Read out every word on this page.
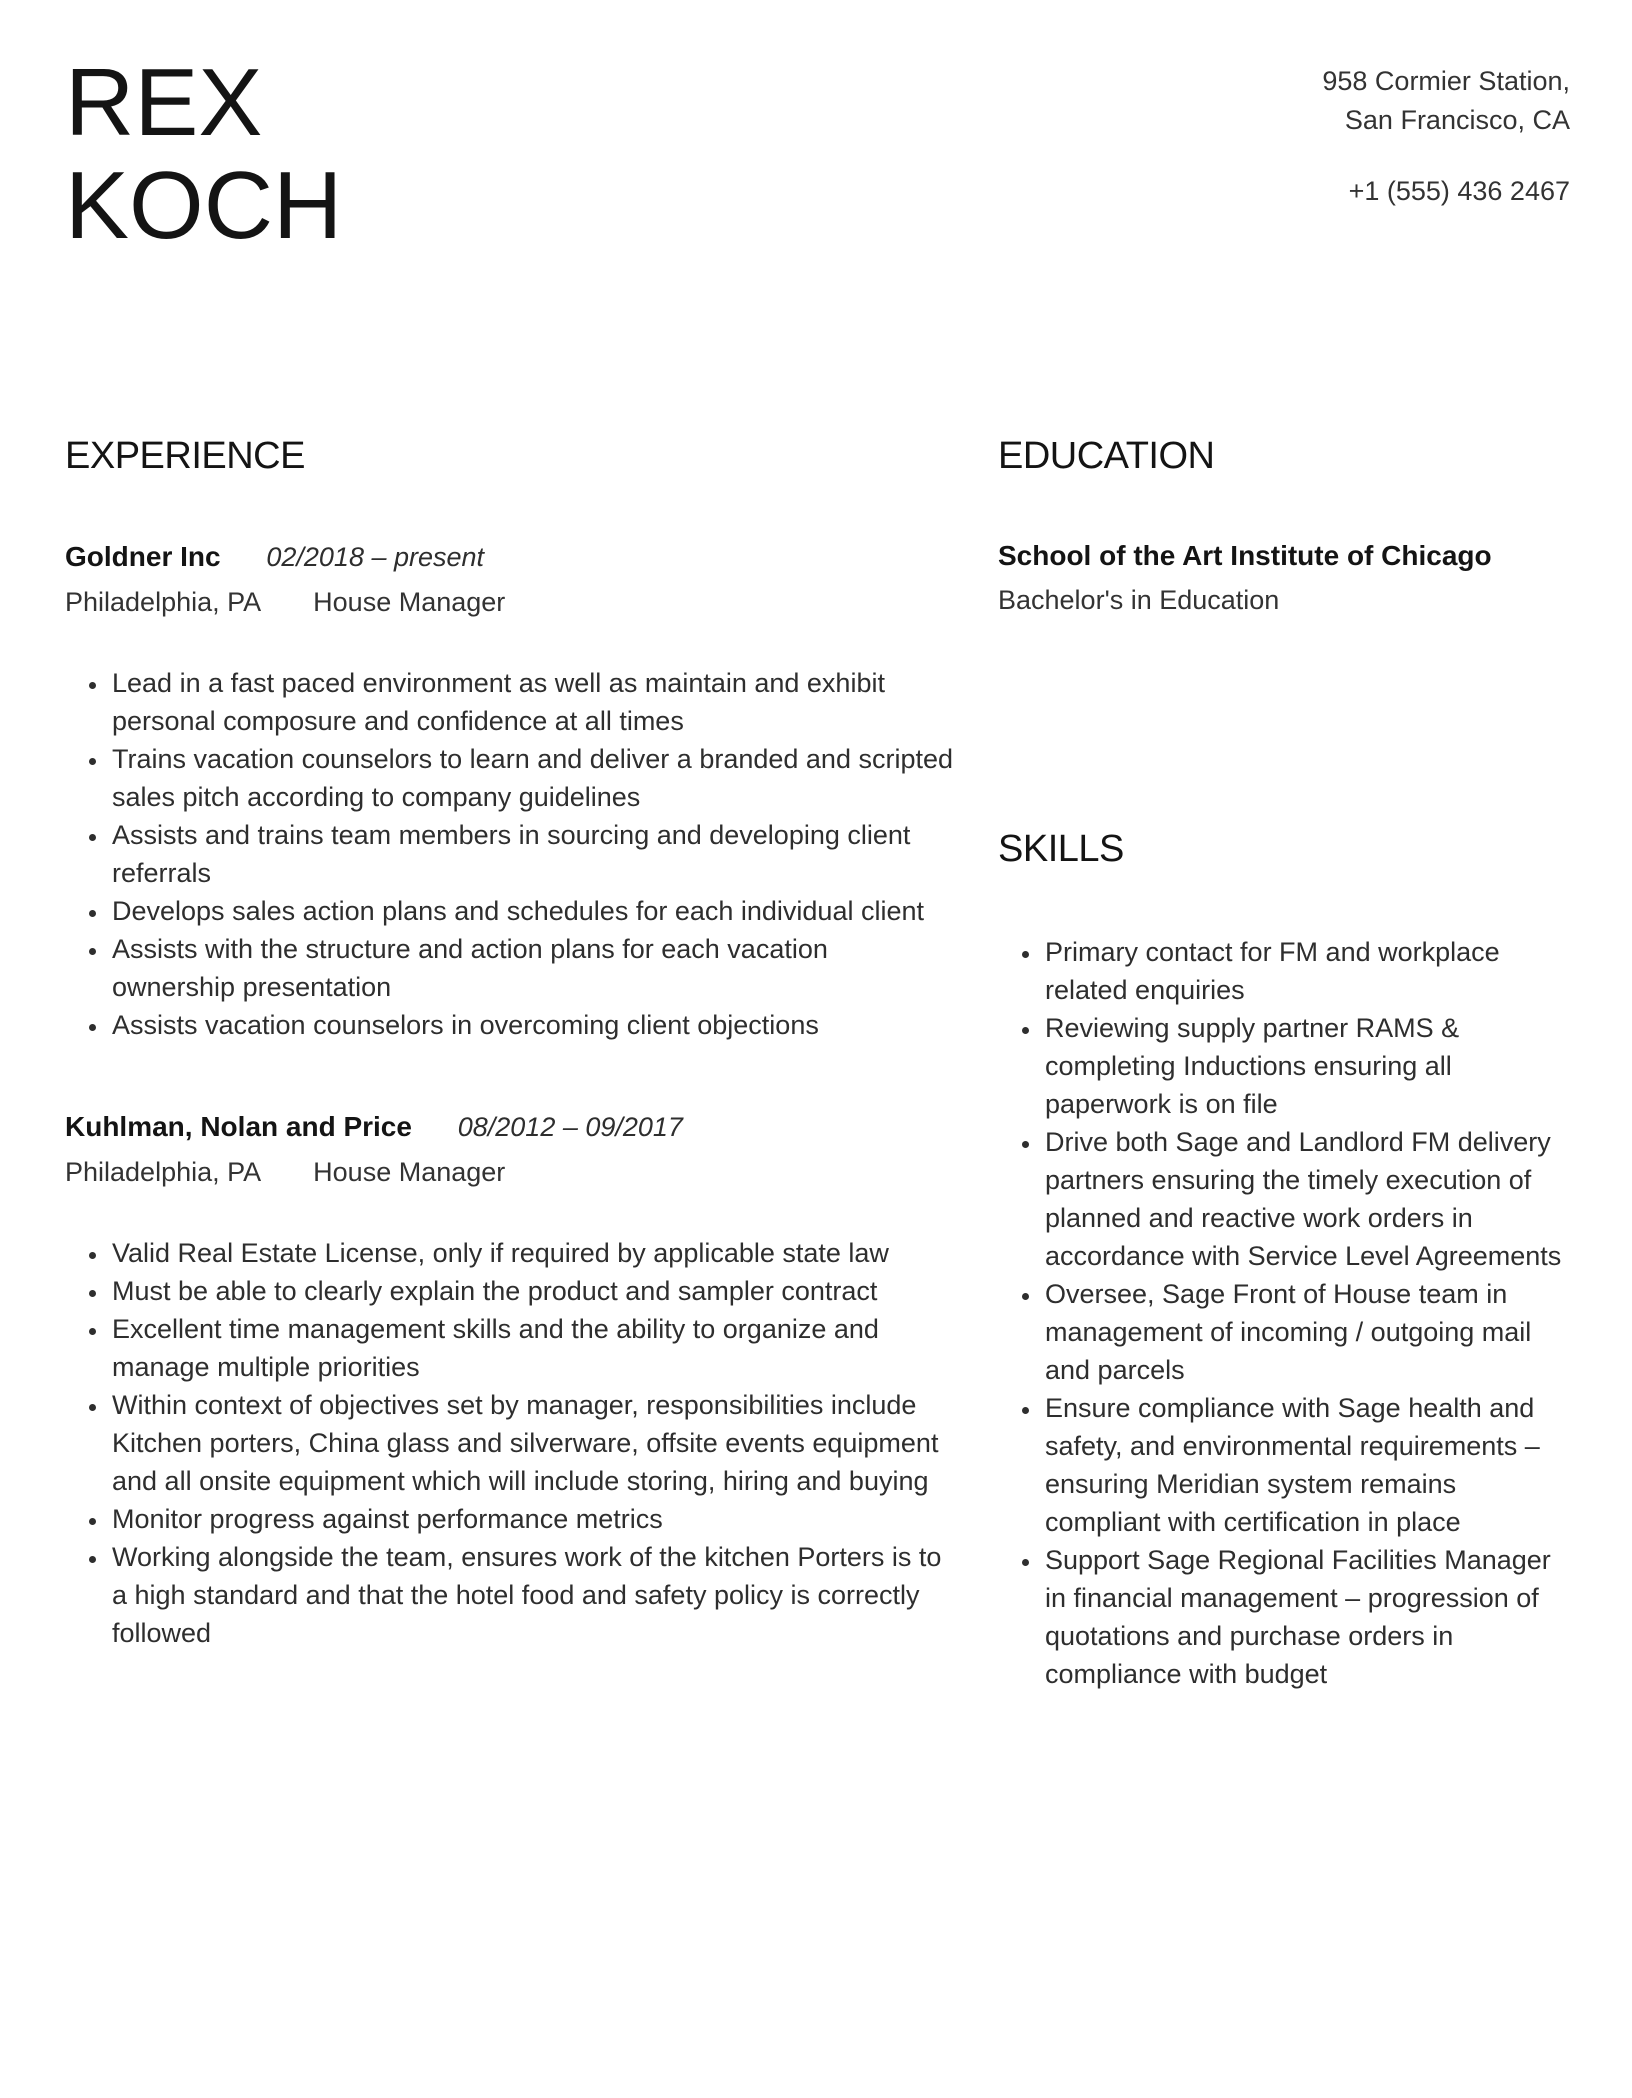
REX
KOCH
958 Cormier Station,
San Francisco, CA
+1 (555) 436 2467
EXPERIENCE
Goldner Inc 02/2018 – present
Philadelphia, PA House Manager
• Lead in a fast paced environment as well as maintain and exhibit personal composure and confidence at all times
• Trains vacation counselors to learn and deliver a branded and scripted sales pitch according to company guidelines
• Assists and trains team members in sourcing and developing client referrals
• Develops sales action plans and schedules for each individual client
• Assists with the structure and action plans for each vacation ownership presentation
• Assists vacation counselors in overcoming client objections
Kuhlman, Nolan and Price 08/2012 – 09/2017
Philadelphia, PA House Manager
• Valid Real Estate License, only if required by applicable state law
• Must be able to clearly explain the product and sampler contract
• Excellent time management skills and the ability to organize and manage multiple priorities
• Within context of objectives set by manager, responsibilities include Kitchen porters, China glass and silverware, offsite events equipment and all onsite equipment which will include storing, hiring and buying
• Monitor progress against performance metrics
• Working alongside the team, ensures work of the kitchen Porters is to a high standard and that the hotel food and safety policy is correctly followed
EDUCATION
School of the Art Institute of Chicago
Bachelor's in Education
SKILLS
• Primary contact for FM and workplace related enquiries
• Reviewing supply partner RAMS & completing Inductions ensuring all paperwork is on file
• Drive both Sage and Landlord FM delivery partners ensuring the timely execution of planned and reactive work orders in accordance with Service Level Agreements
• Oversee, Sage Front of House team in management of incoming / outgoing mail and parcels
• Ensure compliance with Sage health and safety, and environmental requirements – ensuring Meridian system remains compliant with certification in place
• Support Sage Regional Facilities Manager in financial management – progression of quotations and purchase orders in compliance with budget
